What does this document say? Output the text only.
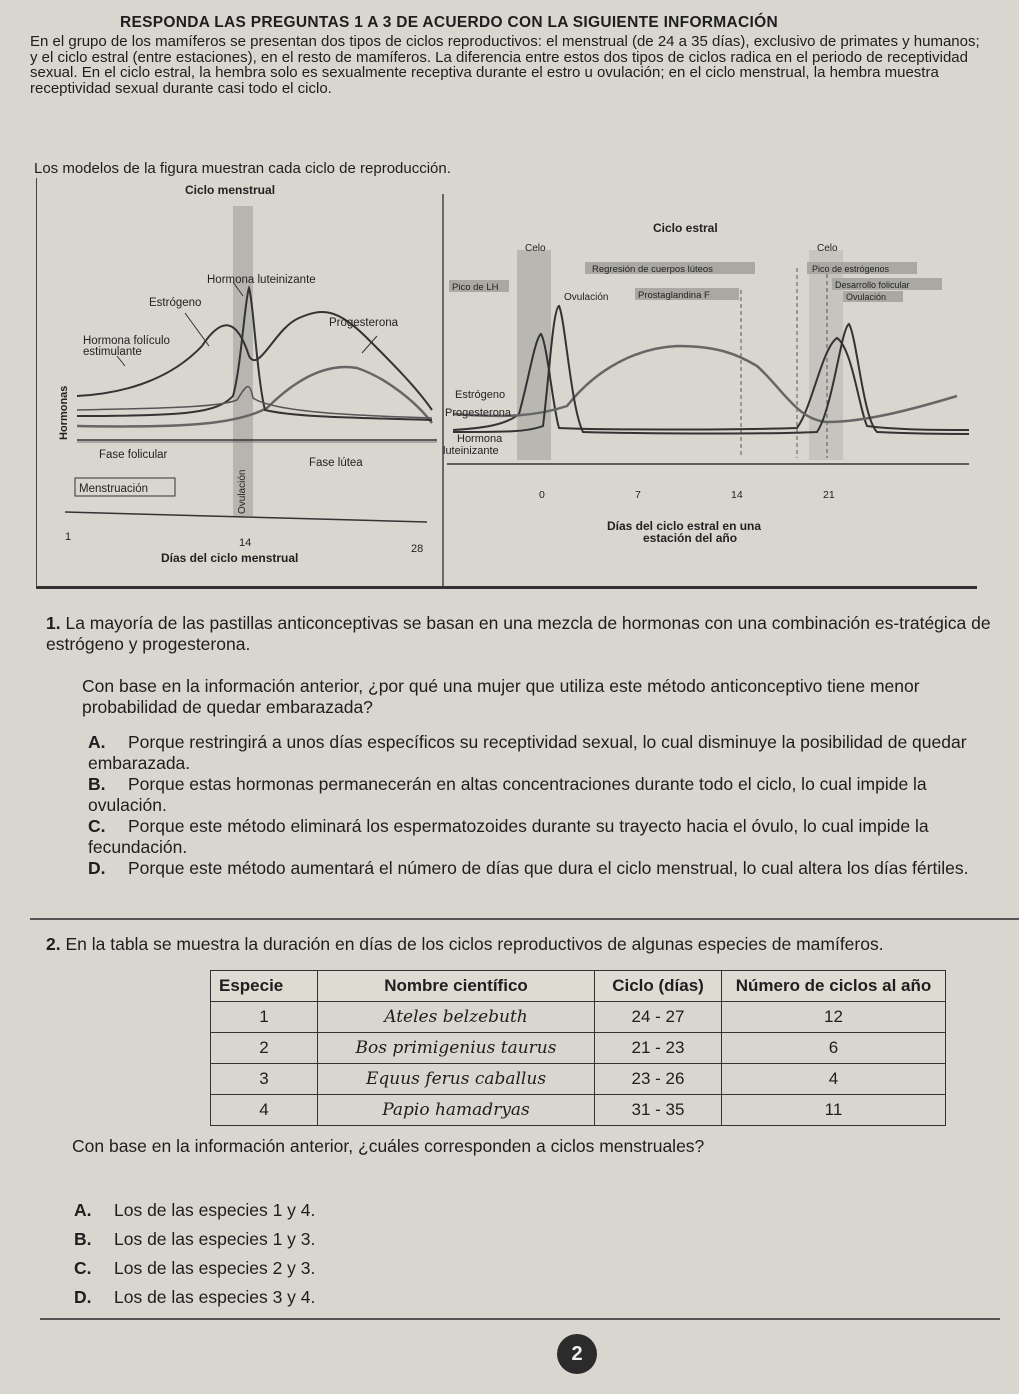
RESPONDA LAS PREGUNTAS 1 A 3 DE ACUERDO CON LA SIGUIENTE INFORMACIÓN
En el grupo de los mamíferos se presentan dos tipos de ciclos reproductivos: el menstrual (de 24 a 35 días), exclusivo de primates y humanos; y el ciclo estral (entre estaciones), en el resto de mamíferos. La diferencia entre estos dos tipos de ciclos radica en el periodo de receptividad sexual. En el ciclo estral, la hembra solo es sexualmente receptiva durante el estro u ovulación; en el ciclo menstrual, la hembra muestra receptividad sexual durante casi todo el ciclo.
Los modelos de la figura muestran cada ciclo de reproducción.
Ciclo menstrual
Hormona luteinizante
Estrógeno
Progesterona
Hormona folículo
estimulante
Hormonas
Fase folicular
Fase lútea
Menstruación	Ovulación
1	14	28
Días del ciclo menstrual
Ciclo estral
Celo	Celo
Regresión de cuerpos lúteos
Pico de LH
Ovulación	Prostaglandina F
Pico de estrógenos
Desarrollo folicular
Ovulación
Estrógeno
Progesterona
Hormona
luteinizante
0	7	14	21
Días del ciclo estral en una
estación del año
1. La mayoría de las pastillas anticonceptivas se basan en una mezcla de hormonas con una combinación es-tratégica de estrógeno y progesterona.
Con base en la información anterior, ¿por qué una mujer que utiliza este método anticonceptivo tiene menor probabilidad de quedar embarazada?
A. Porque restringirá a unos días específicos su receptividad sexual, lo cual disminuye la posibilidad de quedar embarazada.
B. Porque estas hormonas permanecerán en altas concentraciones durante todo el ciclo, lo cual impide la ovulación.
C. Porque este método eliminará los espermatozoides durante su trayecto hacia el óvulo, lo cual impide la fecundación.
D. Porque este método aumentará el número de días que dura el ciclo menstrual, lo cual altera los días fértiles.
2. En la tabla se muestra la duración en días de los ciclos reproductivos de algunas especies de mamíferos.
Especie	Nombre científico	Ciclo (días)	Número de ciclos al año
1	Ateles belzebuth	24 - 27	12
2	Bos primigenius taurus	21 - 23	6
3	Equus ferus caballus	23 - 26	4
4	Papio hamadryas	31 - 35	11
Con base en la información anterior, ¿cuáles corresponden a ciclos menstruales?
A. Los de las especies 1 y 4.
B. Los de las especies 1 y 3.
C. Los de las especies 2 y 3.
D. Los de las especies 3 y 4.
2
